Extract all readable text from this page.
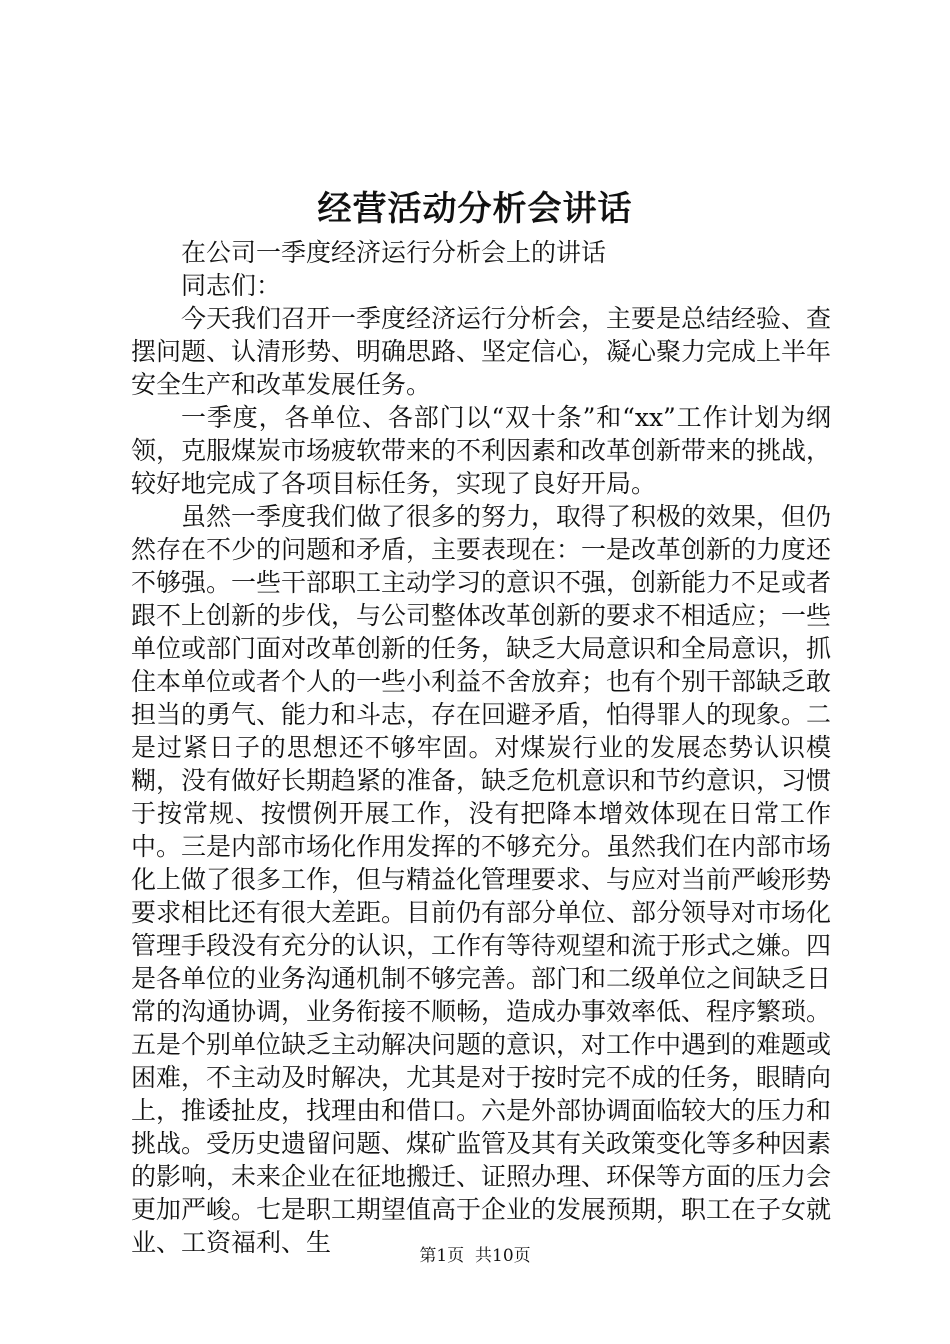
经营活动分析会讲话

在公司一季度经济运行分析会上的讲话

同志们：

今天我们召开一季度经济运行分析会，主要是总结经验、查摆问题、认清形势、明确思路、坚定信心，凝心聚力完成上半年安全生产和改革发展任务。

一季度，各单位、各部门以“双十条”和“xx”工作计划为纲领，克服煤炭市场疲软带来的不利因素和改革创新带来的挑战，较好地完成了各项目标任务，实现了良好开局。

虽然一季度我们做了很多的努力，取得了积极的效果，但仍然存在不少的问题和矛盾，主要表现在：一是改革创新的力度还不够强。一些干部职工主动学习的意识不强，创新能力不足或者跟不上创新的步伐，与公司整体改革创新的要求不相适应；一些单位或部门面对改革创新的任务，缺乏大局意识和全局意识，抓住本单位或者个人的一些小利益不舍放弃；也有个别干部缺乏敢担当的勇气、能力和斗志，存在回避矛盾，怕得罪人的现象。二是过紧日子的思想还不够牢固。对煤炭行业的发展态势认识模糊，没有做好长期趋紧的准备，缺乏危机意识和节约意识，习惯于按常规、按惯例开展工作，没有把降本增效体现在日常工作中。三是内部市场化作用发挥的不够充分。虽然我们在内部市场化上做了很多工作，但与精益化管理要求、与应对当前严峻形势要求相比还有很大差距。目前仍有部分单位、部分领导对市场化管理手段没有充分的认识，工作有等待观望和流于形式之嫌。四是各单位的业务沟通机制不够完善。部门和二级单位之间缺乏日常的沟通协调，业务衔接不顺畅，造成办事效率低、程序繁琐。五是个别单位缺乏主动解决问题的意识，对工作中遇到的难题或困难，不主动及时解决，尤其是对于按时完不成的任务，眼睛向上，推诿扯皮，找理由和借口。六是外部协调面临较大的压力和挑战。受历史遗留问题、煤矿监管及其有关政策变化等多种因素的影响，未来企业在征地搬迁、证照办理、环保等方面的压力会更加严峻。七是职工期望值高于企业的发展预期，职工在子女就业、工资福利、生	第1页 共10页
